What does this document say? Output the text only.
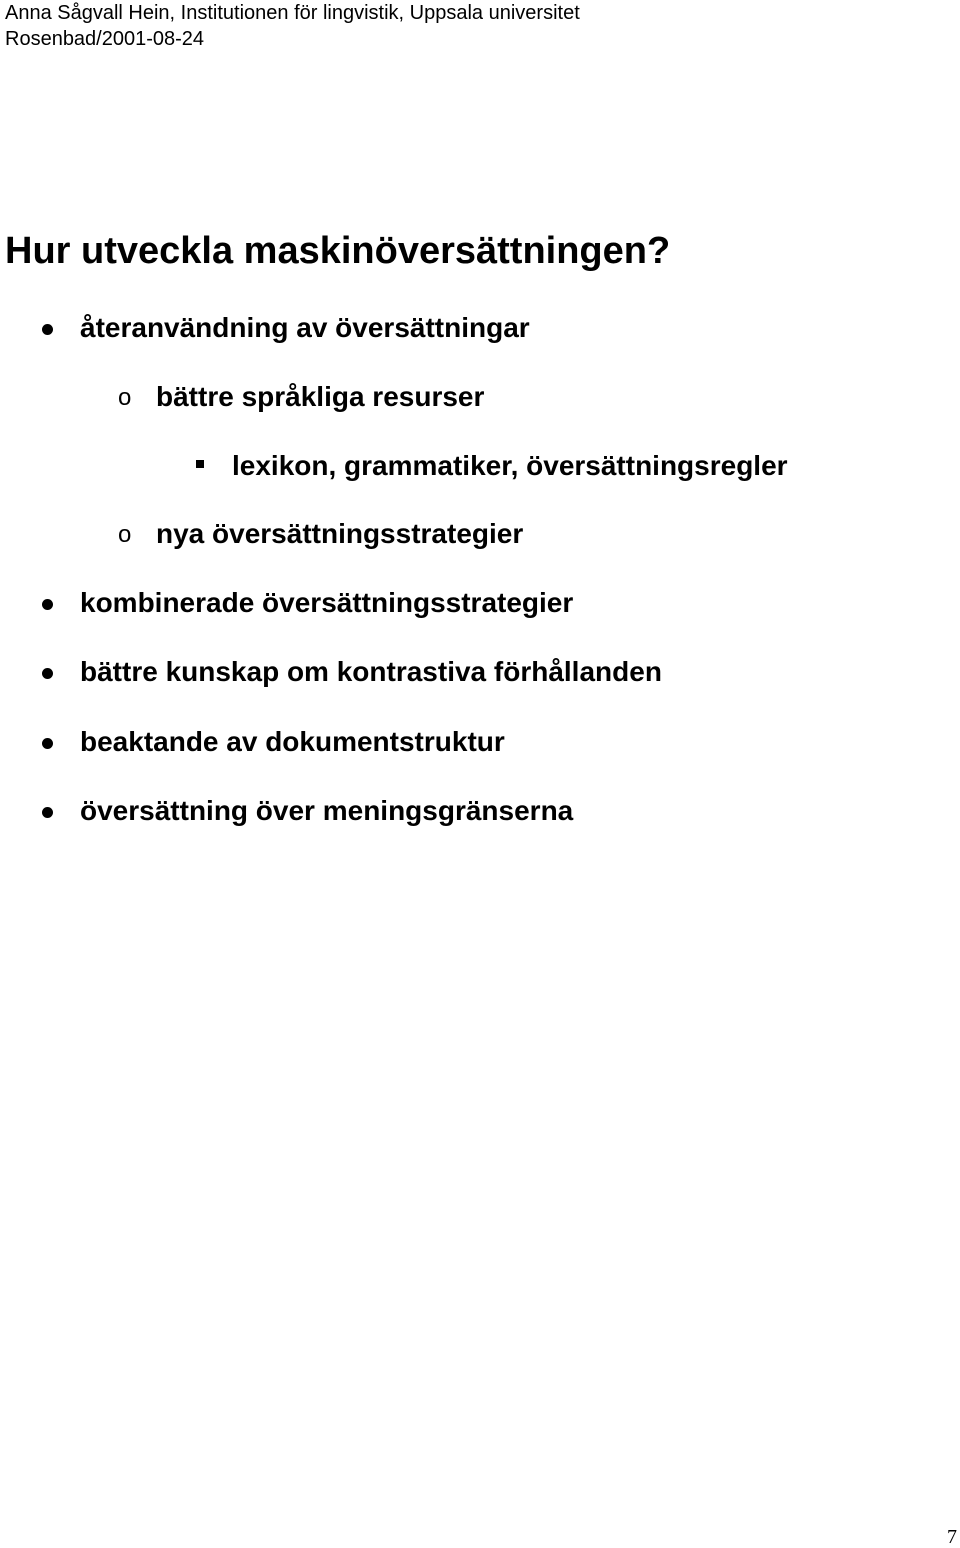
Anna Sågvall Hein, Institutionen för lingvistik, Uppsala universitet
Rosenbad/2001-08-24
Hur utveckla maskinöversättningen?
återanvändning av översättningar
o bättre språkliga resurser
lexikon, grammatiker, översättningsregler
o nya översättningsstrategier
kombinerade översättningsstrategier
bättre kunskap om kontrastiva förhållanden
beaktande av dokumentstruktur
översättning över meningsgränserna
7
